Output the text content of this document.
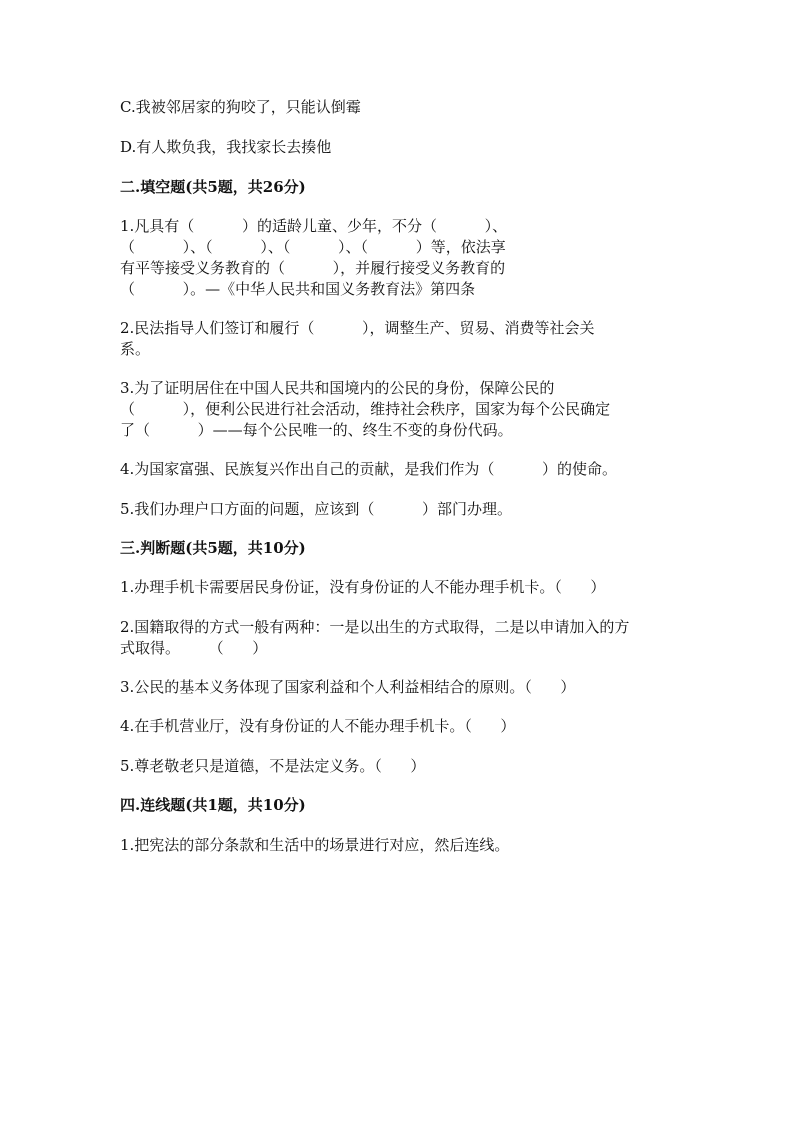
C.我被邻居家的狗咬了，只能认倒霉
D.有人欺负我，我找家长去揍他
二.填空题(共5题，共26分)
1.凡具有（          ）的适龄儿童、少年，不分（          ）、
（          ）、（          ）、（          ）、（          ）等，依法享
有平等接受义务教育的（          ），并履行接受义务教育的
（          ）。—《中华人民共和国义务教育法》第四条
2.民法指导人们签订和履行（          ），调整生产、贸易、消费等社会关
系。
3.为了证明居住在中国人民共和国境内的公民的身份，保障公民的
（          ），便利公民进行社会活动，维持社会秩序，国家为每个公民确定
了（          ）——每个公民唯一的、终生不变的身份代码。
4.为国家富强、民族复兴作出自己的贡献，是我们作为（          ）的使命。
5.我们办理户口方面的问题，应该到（          ）部门办理。
三.判断题(共5题，共10分)
1.办理手机卡需要居民身份证，没有身份证的人不能办理手机卡。（      ）
2.国籍取得的方式一般有两种：一是以出生的方式取得，二是以申请加入的方
式取得。      （      ）
3.公民的基本义务体现了国家利益和个人利益相结合的原则。（      ）
4.在手机营业厅，没有身份证的人不能办理手机卡。（      ）
5.尊老敬老只是道德，不是法定义务。（      ）
四.连线题(共1题，共10分)
1.把宪法的部分条款和生活中的场景进行对应，然后连线。
